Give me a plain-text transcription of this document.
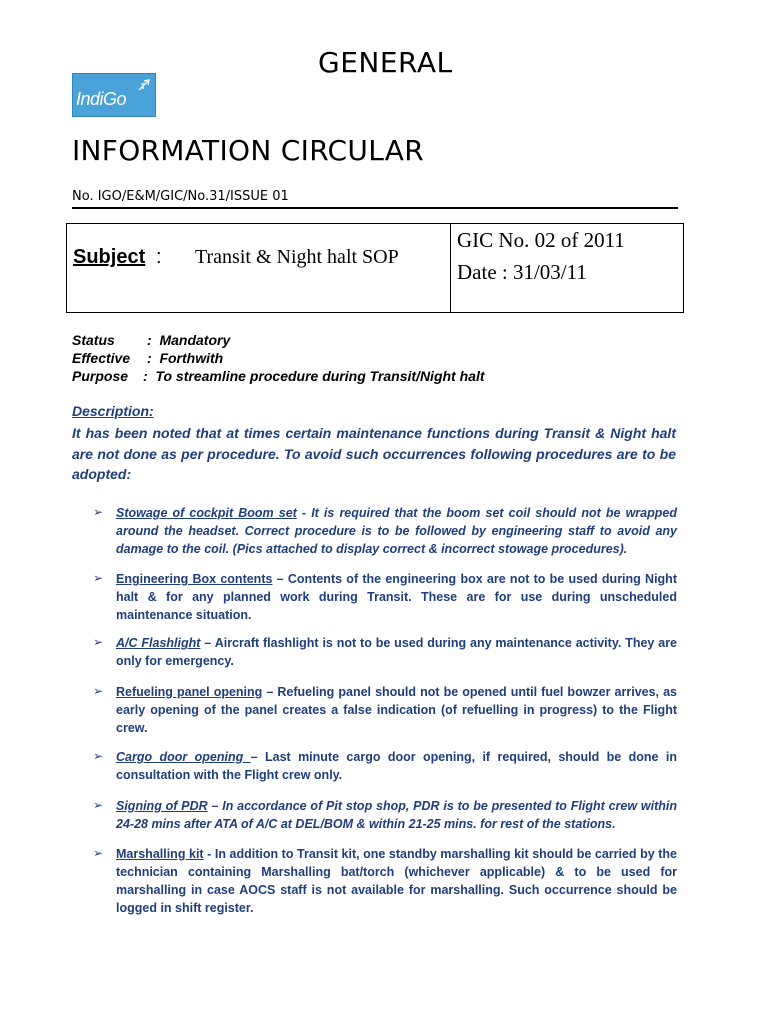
GENERAL
IndiGo
INFORMATION CIRCULAR
No. IGO/E&M/GIC/No.31/ISSUE 01
Subject : Transit & Night halt SOP
GIC No. 02 of 2011
Date : 31/03/11
Status : Mandatory
Effective : Forthwith
Purpose : To streamline procedure during Transit/Night halt
Description:
It has been noted that at times certain maintenance functions during Transit & Night halt are not done as per procedure. To avoid such occurrences following procedures are to be adopted:
➢ Stowage of cockpit Boom set - It is required that the boom set coil should not be wrapped around the headset. Correct procedure is to be followed by engineering staff to avoid any damage to the coil. (Pics attached to display correct & incorrect stowage procedures).
➢ Engineering Box contents – Contents of the engineering box are not to be used during Night halt & for any planned work during Transit. These are for use during unscheduled maintenance situation.
➢ A/C Flashlight – Aircraft flashlight is not to be used during any maintenance activity. They are only for emergency.
➢ Refueling panel opening – Refueling panel should not be opened until fuel bowzer arrives, as early opening of the panel creates a false indication (of refuelling in progress) to the Flight crew.
➢ Cargo door opening – Last minute cargo door opening, if required, should be done in consultation with the Flight crew only.
➢ Signing of PDR – In accordance of Pit stop shop, PDR is to be presented to Flight crew within 24-28 mins after ATA of A/C at DEL/BOM & within 21-25 mins. for rest of the stations.
➢ Marshalling kit - In addition to Transit kit, one standby marshalling kit should be carried by the technician containing Marshalling bat/torch (whichever applicable) & to be used for marshalling in case AOCS staff is not available for marshalling. Such occurrence should be logged in shift register.
